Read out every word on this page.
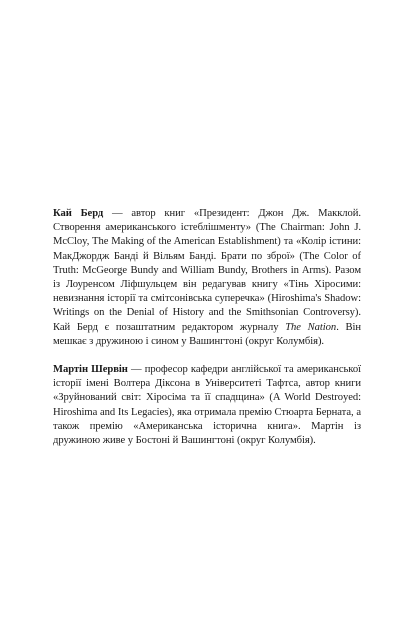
Кай Берд — автор книг «Президент: Джон Дж. Макклой. Створення американського істеблішменту» (The Chairman: John J. McCloy, The Making of the American Establishment) та «Колір істини: МакДжордж Банді й Вільям Банді. Брати по зброї» (The Color of Truth: McGeorge Bundy and William Bundy, Brothers in Arms). Разом із Лоуренсом Ліфшульцем він редагував книгу «Тінь Хіросими: невизнання історії та смітсонівська суперечка» (Hiroshima's Shadow: Writings on the Denial of History and the Smithsonian Controversy). Кай Берд є позаштатним редактором журналу The Nation. Він мешкає з дружиною і сином у Вашингтоні (округ Колумбія).

Мартін Шервін — професор кафедри англійської та американської історії імені Волтера Діксона в Університеті Тафтса, автор книги «Зруйнований світ: Хіросіма та її спадщина» (A World Destroyed: Hiroshima and Its Legacies), яка отримала премію Стюарта Берната, а також премію «Американська історична книга». Мартін із дружиною живе у Бостоні й Вашингтоні (округ Колумбія).
